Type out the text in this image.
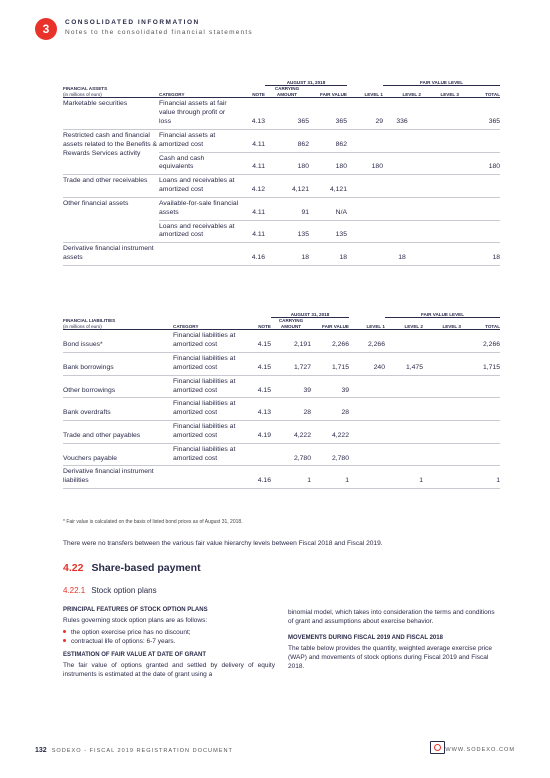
3	CONSOLIDATED INFORMATION
Notes to the consolidated financial statements
			AUGUST 31, 2018			FAIR VALUE LEVEL		
FINANCIAL ASSETS
(in millions of euro)	CATEGORY	NOTE	CARRYING AMOUNT	FAIR VALUE	LEVEL 1	LEVEL 2	LEVEL 3	TOTAL
Marketable securities	Financial assets at fair value through profit or loss	4.13	365	365	29	336		365
Restricted cash and financial assets related to the Benefits & Rewards Services activity	Financial assets at amortized cost	4.11	862	862				
	Cash and cash equivalents	4.11	180	180	180			180
Trade and other receivables	Loans and receivables at amortized cost	4.12	4,121	4,121				
Other financial assets	Available-for-sale financial assets	4.11	91	N/A				
	Loans and receivables at amortized cost	4.11	135	135				
Derivative financial instrument assets		4.16	18	18		18		18
			AUGUST 31, 2018			FAIR VALUE LEVEL		
FINANCIAL LIABILITIES
(in millions of euro)	CATEGORY	NOTE	CARRYING AMOUNT	FAIR VALUE	LEVEL 1	LEVEL 2	LEVEL 3	TOTAL
Bond issues*	Financial liabilities at amortized cost	4.15	2,191	2,266	2,266			2,266
Bank borrowings	Financial liabilities at amortized cost	4.15	1,727	1,715	240	1,475		1,715
Other borrowings	Financial liabilities at amortized cost	4.15	39	39				
Bank overdrafts	Financial liabilities at amortized cost	4.13	28	28				
Trade and other payables	Financial liabilities at amortized cost	4.19	4,222	4,222				
Vouchers payable	Financial liabilities at amortized cost		2,780	2,780				
Derivative financial instrument liabilities		4.16	1	1		1		1
* Fair value is calculated on the basis of listed bond prices as of August 31, 2018.
There were no transfers between the various fair value hierarchy levels between Fiscal 2018 and Fiscal 2019.
4.22 Share-based payment
4.22.1 Stock option plans
PRINCIPAL FEATURES OF STOCK OPTION PLANS

Rules governing stock option plans are as follows:

the option exercise price has no discount;
contractual life of options: 6-7 years.
ESTIMATION OF FAIR VALUE AT DATE OF GRANT

The fair value of options granted and settled by delivery of equity instruments is estimated at the date of grant using a

binomial model, which takes into consideration the terms and conditions of grant and assumptions about exercise behavior.

MOVEMENTS DURING FISCAL 2019 AND FISCAL 2018

The table below provides the quantity, weighted average exercise price (WAP) and movements of stock options during Fiscal 2019 and Fiscal 2018.

132 SODEXO - FISCAL 2019 REGISTRATION DOCUMENT	WWW.SODEXO.COM
